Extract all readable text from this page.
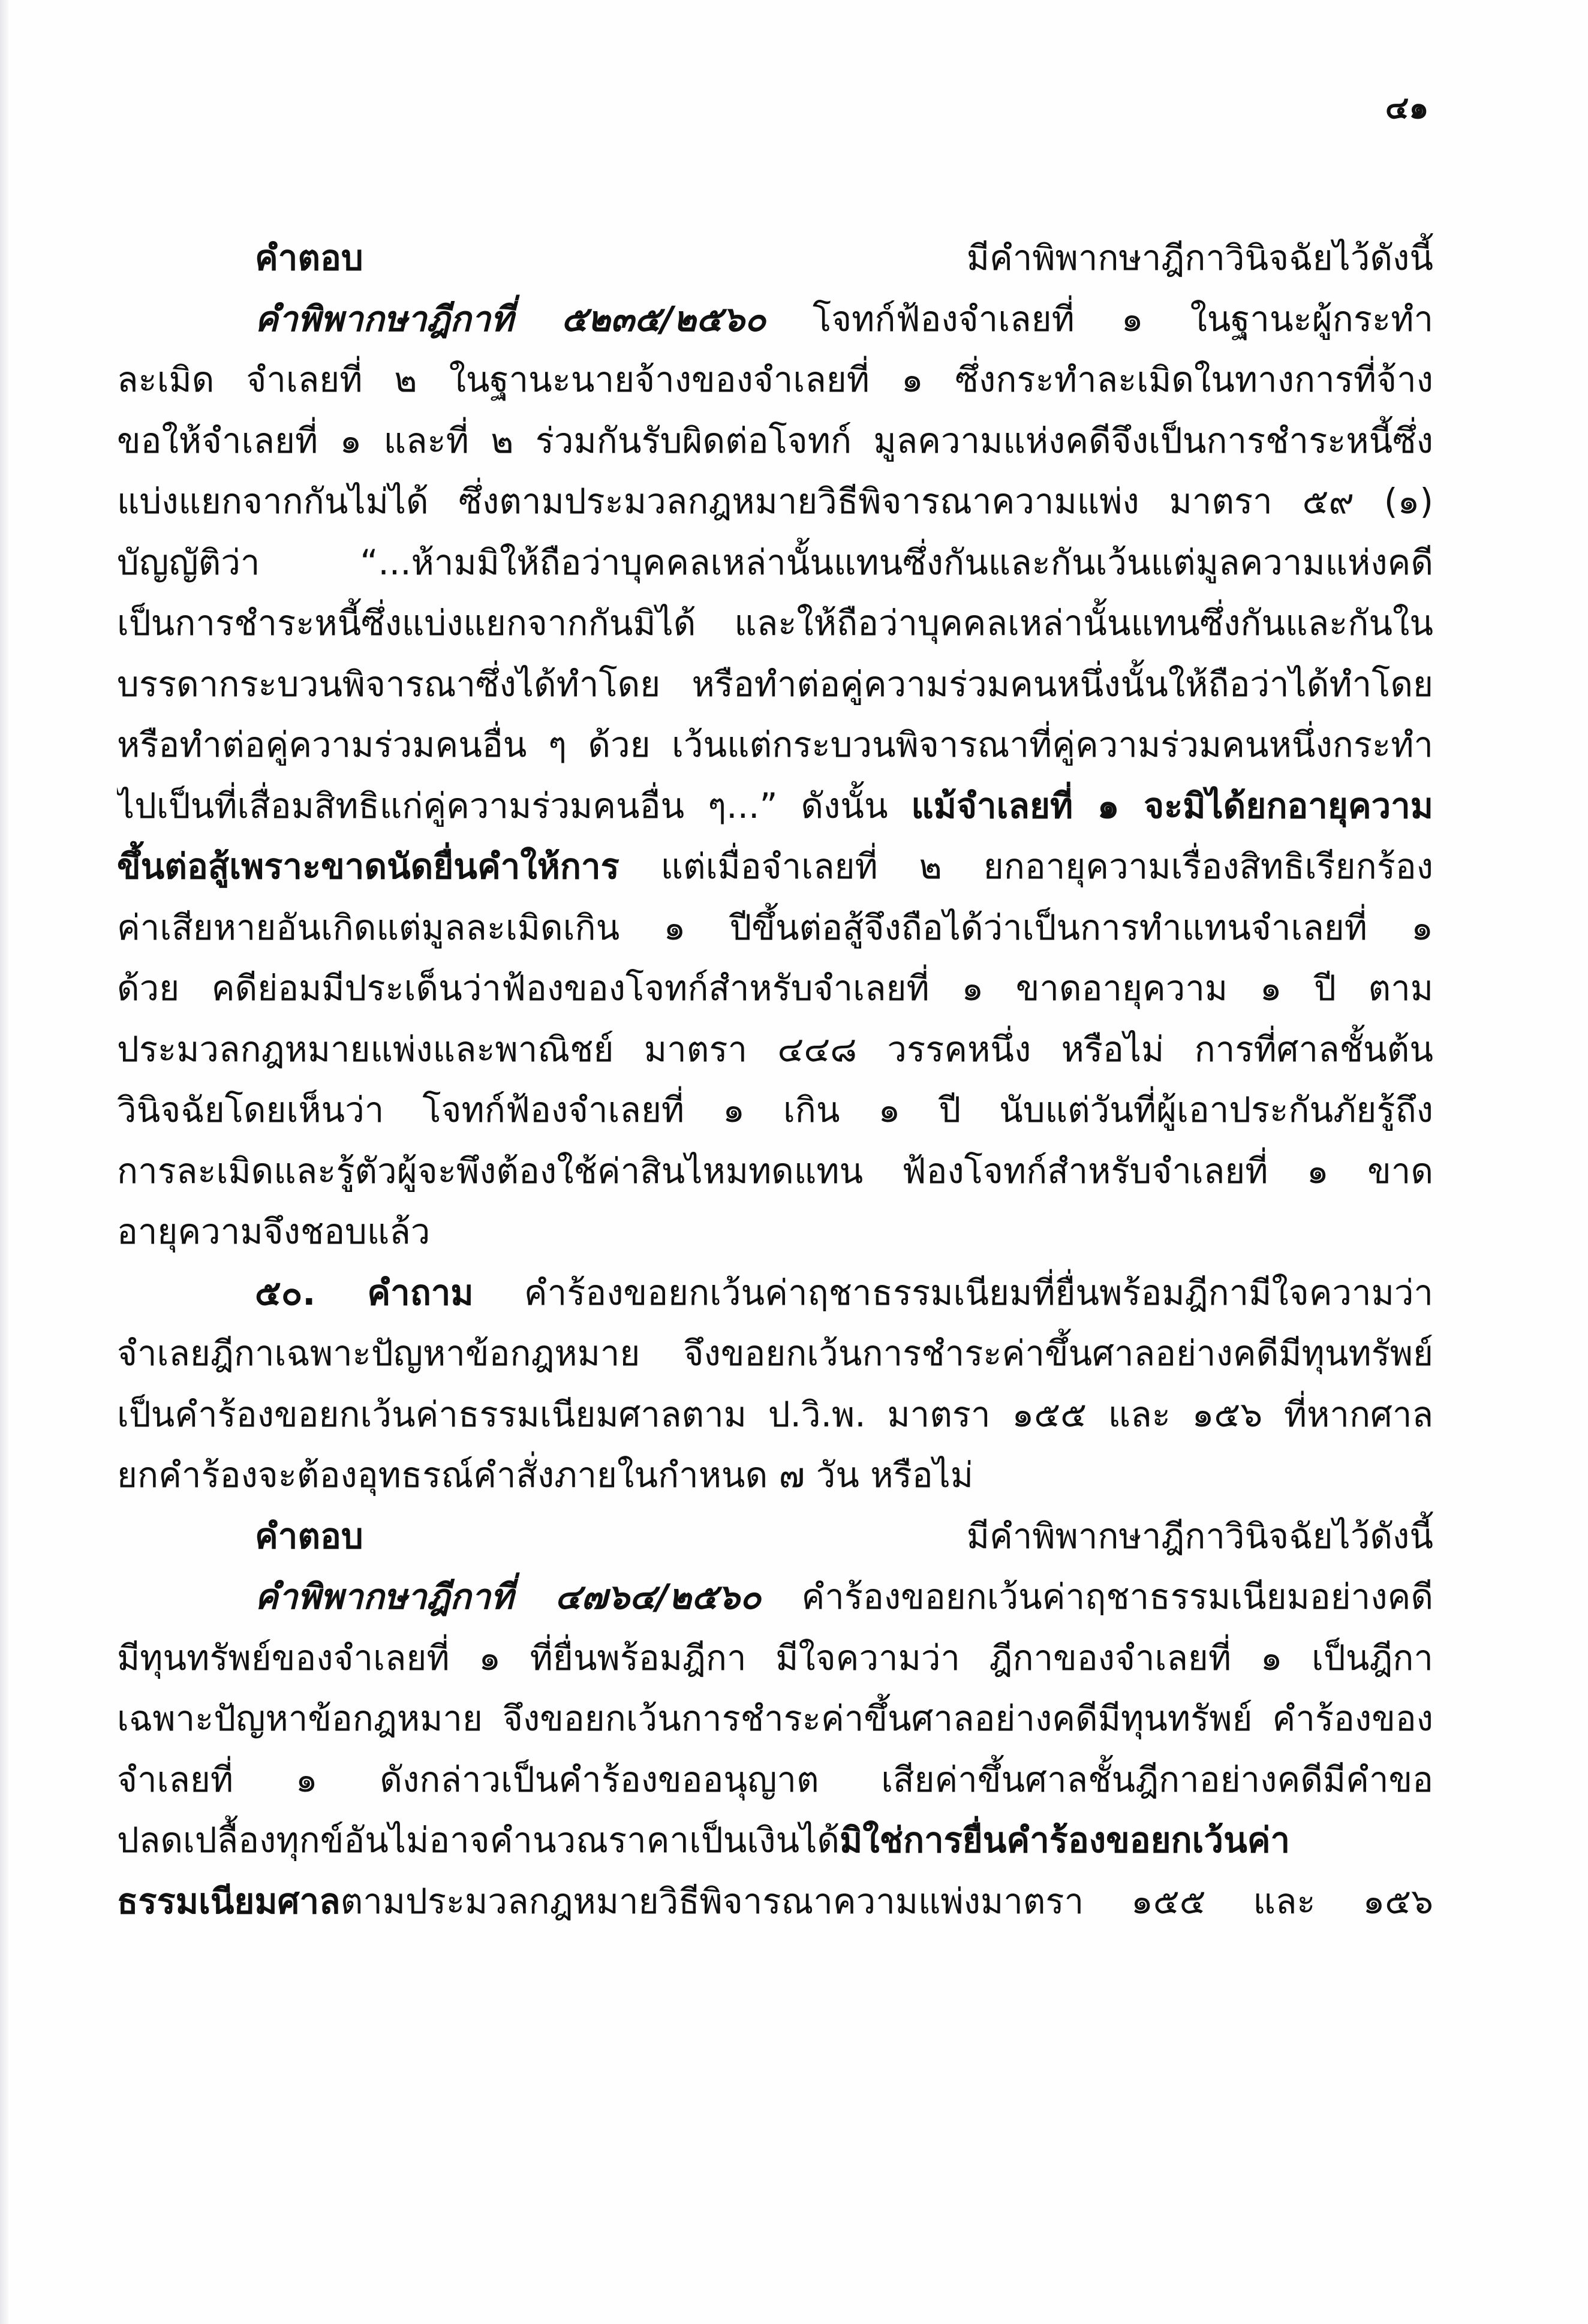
๔๑
คำตอบ มีคำพิพากษาฎีกาวินิจฉัยไว้ดังนี้
คำพิพากษาฎีกาที่ ๕๒๓๕/๒๕๖๐ โจทก์ฟ้องจำเลยที่ ๑ ในฐานะผู้กระทำ
ละเมิด จำเลยที่ ๒ ในฐานะนายจ้างของจำเลยที่ ๑ ซึ่งกระทำละเมิดในทางการที่จ้าง
ขอให้จำเลยที่ ๑ และที่ ๒ ร่วมกันรับผิดต่อโจทก์ มูลความแห่งคดีจึงเป็นการชำระหนี้ซึ่ง
แบ่งแยกจากกันไม่ได้ ซึ่งตามประมวลกฎหมายวิธีพิจารณาความแพ่ง มาตรา ๕๙ (๑)
บัญญัติว่า “...ห้ามมิให้ถือว่าบุคคลเหล่านั้นแทนซึ่งกันและกันเว้นแต่มูลความแห่งคดี
เป็นการชำระหนี้ซึ่งแบ่งแยกจากกันมิได้ และให้ถือว่าบุคคลเหล่านั้นแทนซึ่งกันและกันใน
บรรดากระบวนพิจารณาซึ่งได้ทำโดย หรือทำต่อคู่ความร่วมคนหนึ่งนั้นให้ถือว่าได้ทำโดย
หรือทำต่อคู่ความร่วมคนอื่น ๆ ด้วย เว้นแต่กระบวนพิจารณาที่คู่ความร่วมคนหนึ่งกระทำ
ไปเป็นที่เสื่อมสิทธิแก่คู่ความร่วมคนอื่น ๆ...” ดังนั้น แม้จำเลยที่ ๑ จะมิได้ยกอายุความ
ขึ้นต่อสู้เพราะขาดนัดยื่นคำให้การ แต่เมื่อจำเลยที่ ๒ ยกอายุความเรื่องสิทธิเรียกร้อง
ค่าเสียหายอันเกิดแต่มูลละเมิดเกิน ๑ ปีขึ้นต่อสู้จึงถือได้ว่าเป็นการทำแทนจำเลยที่ ๑
ด้วย คดีย่อมมีประเด็นว่าฟ้องของโจทก์สำหรับจำเลยที่ ๑ ขาดอายุความ ๑ ปี ตาม
ประมวลกฎหมายแพ่งและพาณิชย์ มาตรา ๔๔๘ วรรคหนึ่ง หรือไม่ การที่ศาลชั้นต้น
วินิจฉัยโดยเห็นว่า โจทก์ฟ้องจำเลยที่ ๑ เกิน ๑ ปี นับแต่วันที่ผู้เอาประกันภัยรู้ถึง
การละเมิดและรู้ตัวผู้จะพึงต้องใช้ค่าสินไหมทดแทน ฟ้องโจทก์สำหรับจำเลยที่ ๑ ขาด
อายุความจึงชอบแล้ว
๕๐. คำถาม คำร้องขอยกเว้นค่าฤชาธรรมเนียมที่ยื่นพร้อมฎีกามีใจความว่า
จำเลยฎีกาเฉพาะปัญหาข้อกฎหมาย จึงขอยกเว้นการชำระค่าขึ้นศาลอย่างคดีมีทุนทรัพย์
เป็นคำร้องขอยกเว้นค่าธรรมเนียมศาลตาม ป.วิ.พ. มาตรา ๑๕๕ และ ๑๕๖ ที่หากศาล
ยกคำร้องจะต้องอุทธรณ์คำสั่งภายในกำหนด ๗ วัน หรือไม่
คำตอบ มีคำพิพากษาฎีกาวินิจฉัยไว้ดังนี้
คำพิพากษาฎีกาที่ ๔๗๖๔/๒๕๖๐ คำร้องขอยกเว้นค่าฤชาธรรมเนียมอย่างคดี
มีทุนทรัพย์ของจำเลยที่ ๑ ที่ยื่นพร้อมฎีกา มีใจความว่า ฎีกาของจำเลยที่ ๑ เป็นฎีกา
เฉพาะปัญหาข้อกฎหมาย จึงขอยกเว้นการชำระค่าขึ้นศาลอย่างคดีมีทุนทรัพย์ คำร้องของ
จำเลยที่ ๑ ดังกล่าวเป็นคำร้องขออนุญาต เสียค่าขึ้นศาลชั้นฎีกาอย่างคดีมีคำขอ
ปลดเปลื้องทุกข์อันไม่อาจคำนวณราคาเป็นเงินได้มิใช่การยื่นคำร้องขอยกเว้นค่า
ธรรมเนียมศาลตามประมวลกฎหมายวิธีพิจารณาความแพ่งมาตรา ๑๕๕ และ ๑๕๖
